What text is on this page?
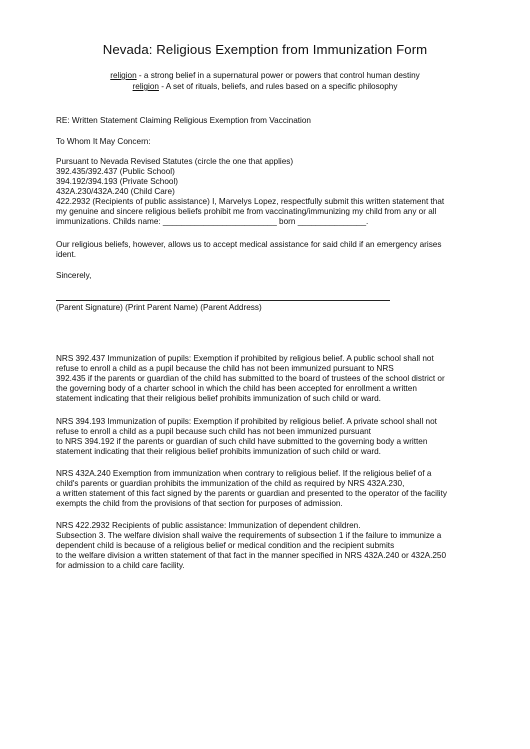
Nevada: Religious Exemption from Immunization Form
religion - a strong belief in a supernatural power or powers that control human destiny
religion - A set of rituals, beliefs, and rules based on a specific philosophy
RE: Written Statement Claiming Religious Exemption from Vaccination
To Whom It May Concern:
Pursuant to Nevada Revised Statutes (circle the one that applies)
392.435/392.437 (Public School)
394.192/394.193 (Private School)
432A.230/432A.240 (Child Care)
422.2932 (Recipients of public assistance) I, Marvelys Lopez, respectfully submit this written statement that
my genuine and sincere religious beliefs prohibit me from vaccinating/immunizing my child from any or all
immunizations. Childs name: _________________________ born _______________.
Our religious beliefs, however, allows us to accept medical assistance for said child if an emergency arises
ident.
Sincerely,
(Parent Signature) (Print Parent Name) (Parent Address)
NRS 392.437 Immunization of pupils: Exemption if prohibited by religious belief. A public school shall not
refuse to enroll a child as a pupil because the child has not been immunized pursuant to NRS
392.435 if the parents or guardian of the child has submitted to the board of trustees of the school district or
the governing body of a charter school in which the child has been accepted for enrollment a written
statement indicating that their religious belief prohibits immunization of such child or ward.
NRS 394.193 Immunization of pupils: Exemption if prohibited by religious belief. A private school shall not
refuse to enroll a child as a pupil because such child has not been immunized pursuant
to NRS 394.192 if the parents or guardian of such child have submitted to the governing body a written
statement indicating that their religious belief prohibits immunization of such child or ward.
NRS 432A.240 Exemption from immunization when contrary to religious belief. If the religious belief of a
child's parents or guardian prohibits the immunization of the child as required by NRS 432A.230,
a written statement of this fact signed by the parents or guardian and presented to the operator of the facility
exempts the child from the provisions of that section for purposes of admission.
NRS 422.2932 Recipients of public assistance: Immunization of dependent children.
Subsection 3. The welfare division shall waive the requirements of subsection 1 if the failure to immunize a
dependent child is because of a religious belief or medical condition and the recipient submits
to the welfare division a written statement of that fact in the manner specified in NRS 432A.240 or 432A.250
for admission to a child care facility.
